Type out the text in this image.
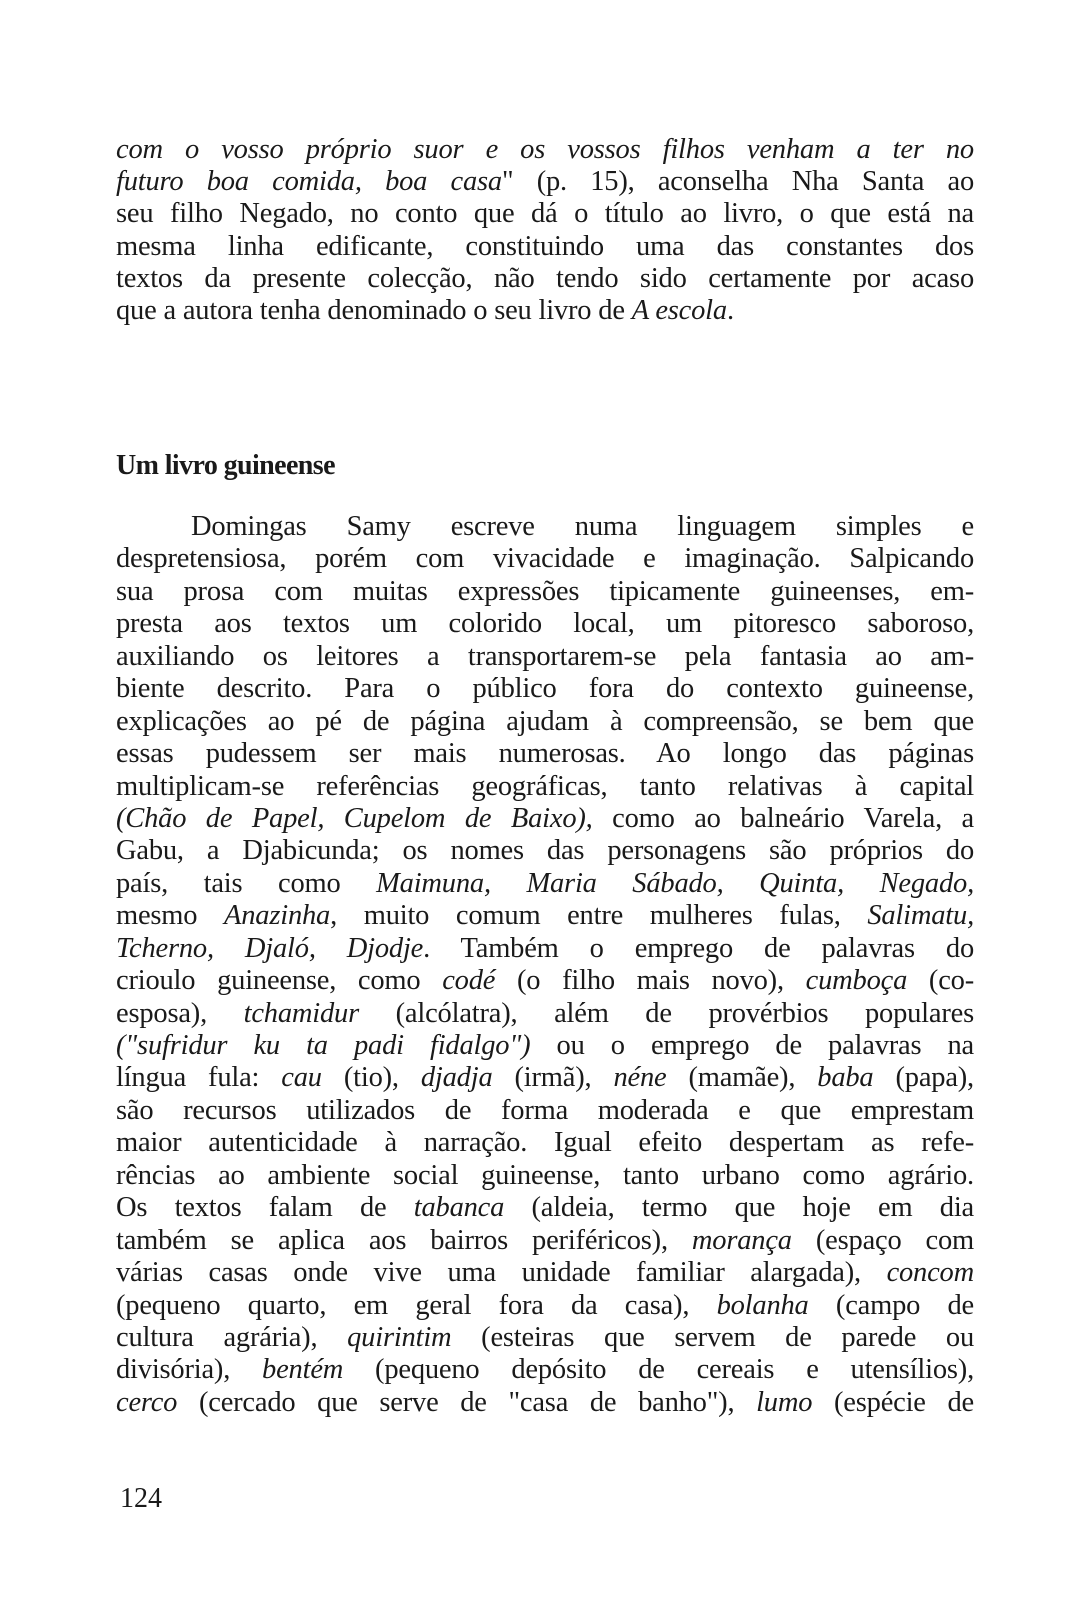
com o vosso próprio suor e os vossos filhos venham a ter no
futuro boa comida, boa casa" (p. 15), aconselha Nha Santa ao
seu filho Negado, no conto que dá o título ao livro, o que está na
mesma linha edificante, constituindo uma das constantes dos
textos da presente colecção, não tendo sido certamente por acaso
que a autora tenha denominado o seu livro de A escola.
Um livro guineense
Domingas Samy escreve numa linguagem simples e
despretensiosa, porém com vivacidade e imaginação. Salpicando
sua prosa com muitas expressões tipicamente guineenses, em-
presta aos textos um colorido local, um pitoresco saboroso,
auxiliando os leitores a transportarem-se pela fantasia ao am-
biente descrito. Para o público fora do contexto guineense,
explicações ao pé de página ajudam à compreensão, se bem que
essas pudessem ser mais numerosas. Ao longo das páginas
multiplicam-se referências geográficas, tanto relativas à capital
(Chão de Papel, Cupelom de Baixo), como ao balneário Varela, a
Gabu, a Djabicunda; os nomes das personagens são próprios do
país, tais como Maimuna, Maria Sábado, Quinta, Negado,
mesmo Anazinha, muito comum entre mulheres fulas, Salimatu,
Tcherno, Djaló, Djodje. Também o emprego de palavras do
crioulo guineense, como codé (o filho mais novo), cumboça (co-
esposa), tchamidur (alcólatra), além de provérbios populares
("sufridur ku ta padi fidalgo") ou o emprego de palavras na
língua fula: cau (tio), djadja (irmã), néne (mamãe), baba (papa),
são recursos utilizados de forma moderada e que emprestam
maior autenticidade à narração. Igual efeito despertam as refe-
rências ao ambiente social guineense, tanto urbano como agrário.
Os textos falam de tabanca (aldeia, termo que hoje em dia
também se aplica aos bairros periféricos), morança (espaço com
várias casas onde vive uma unidade familiar alargada), concom
(pequeno quarto, em geral fora da casa), bolanha (campo de
cultura agrária), quirintim (esteiras que servem de parede ou
divisória), bentém (pequeno depósito de cereais e utensílios),
cerco (cercado que serve de "casa de banho"), lumo (espécie de
124
